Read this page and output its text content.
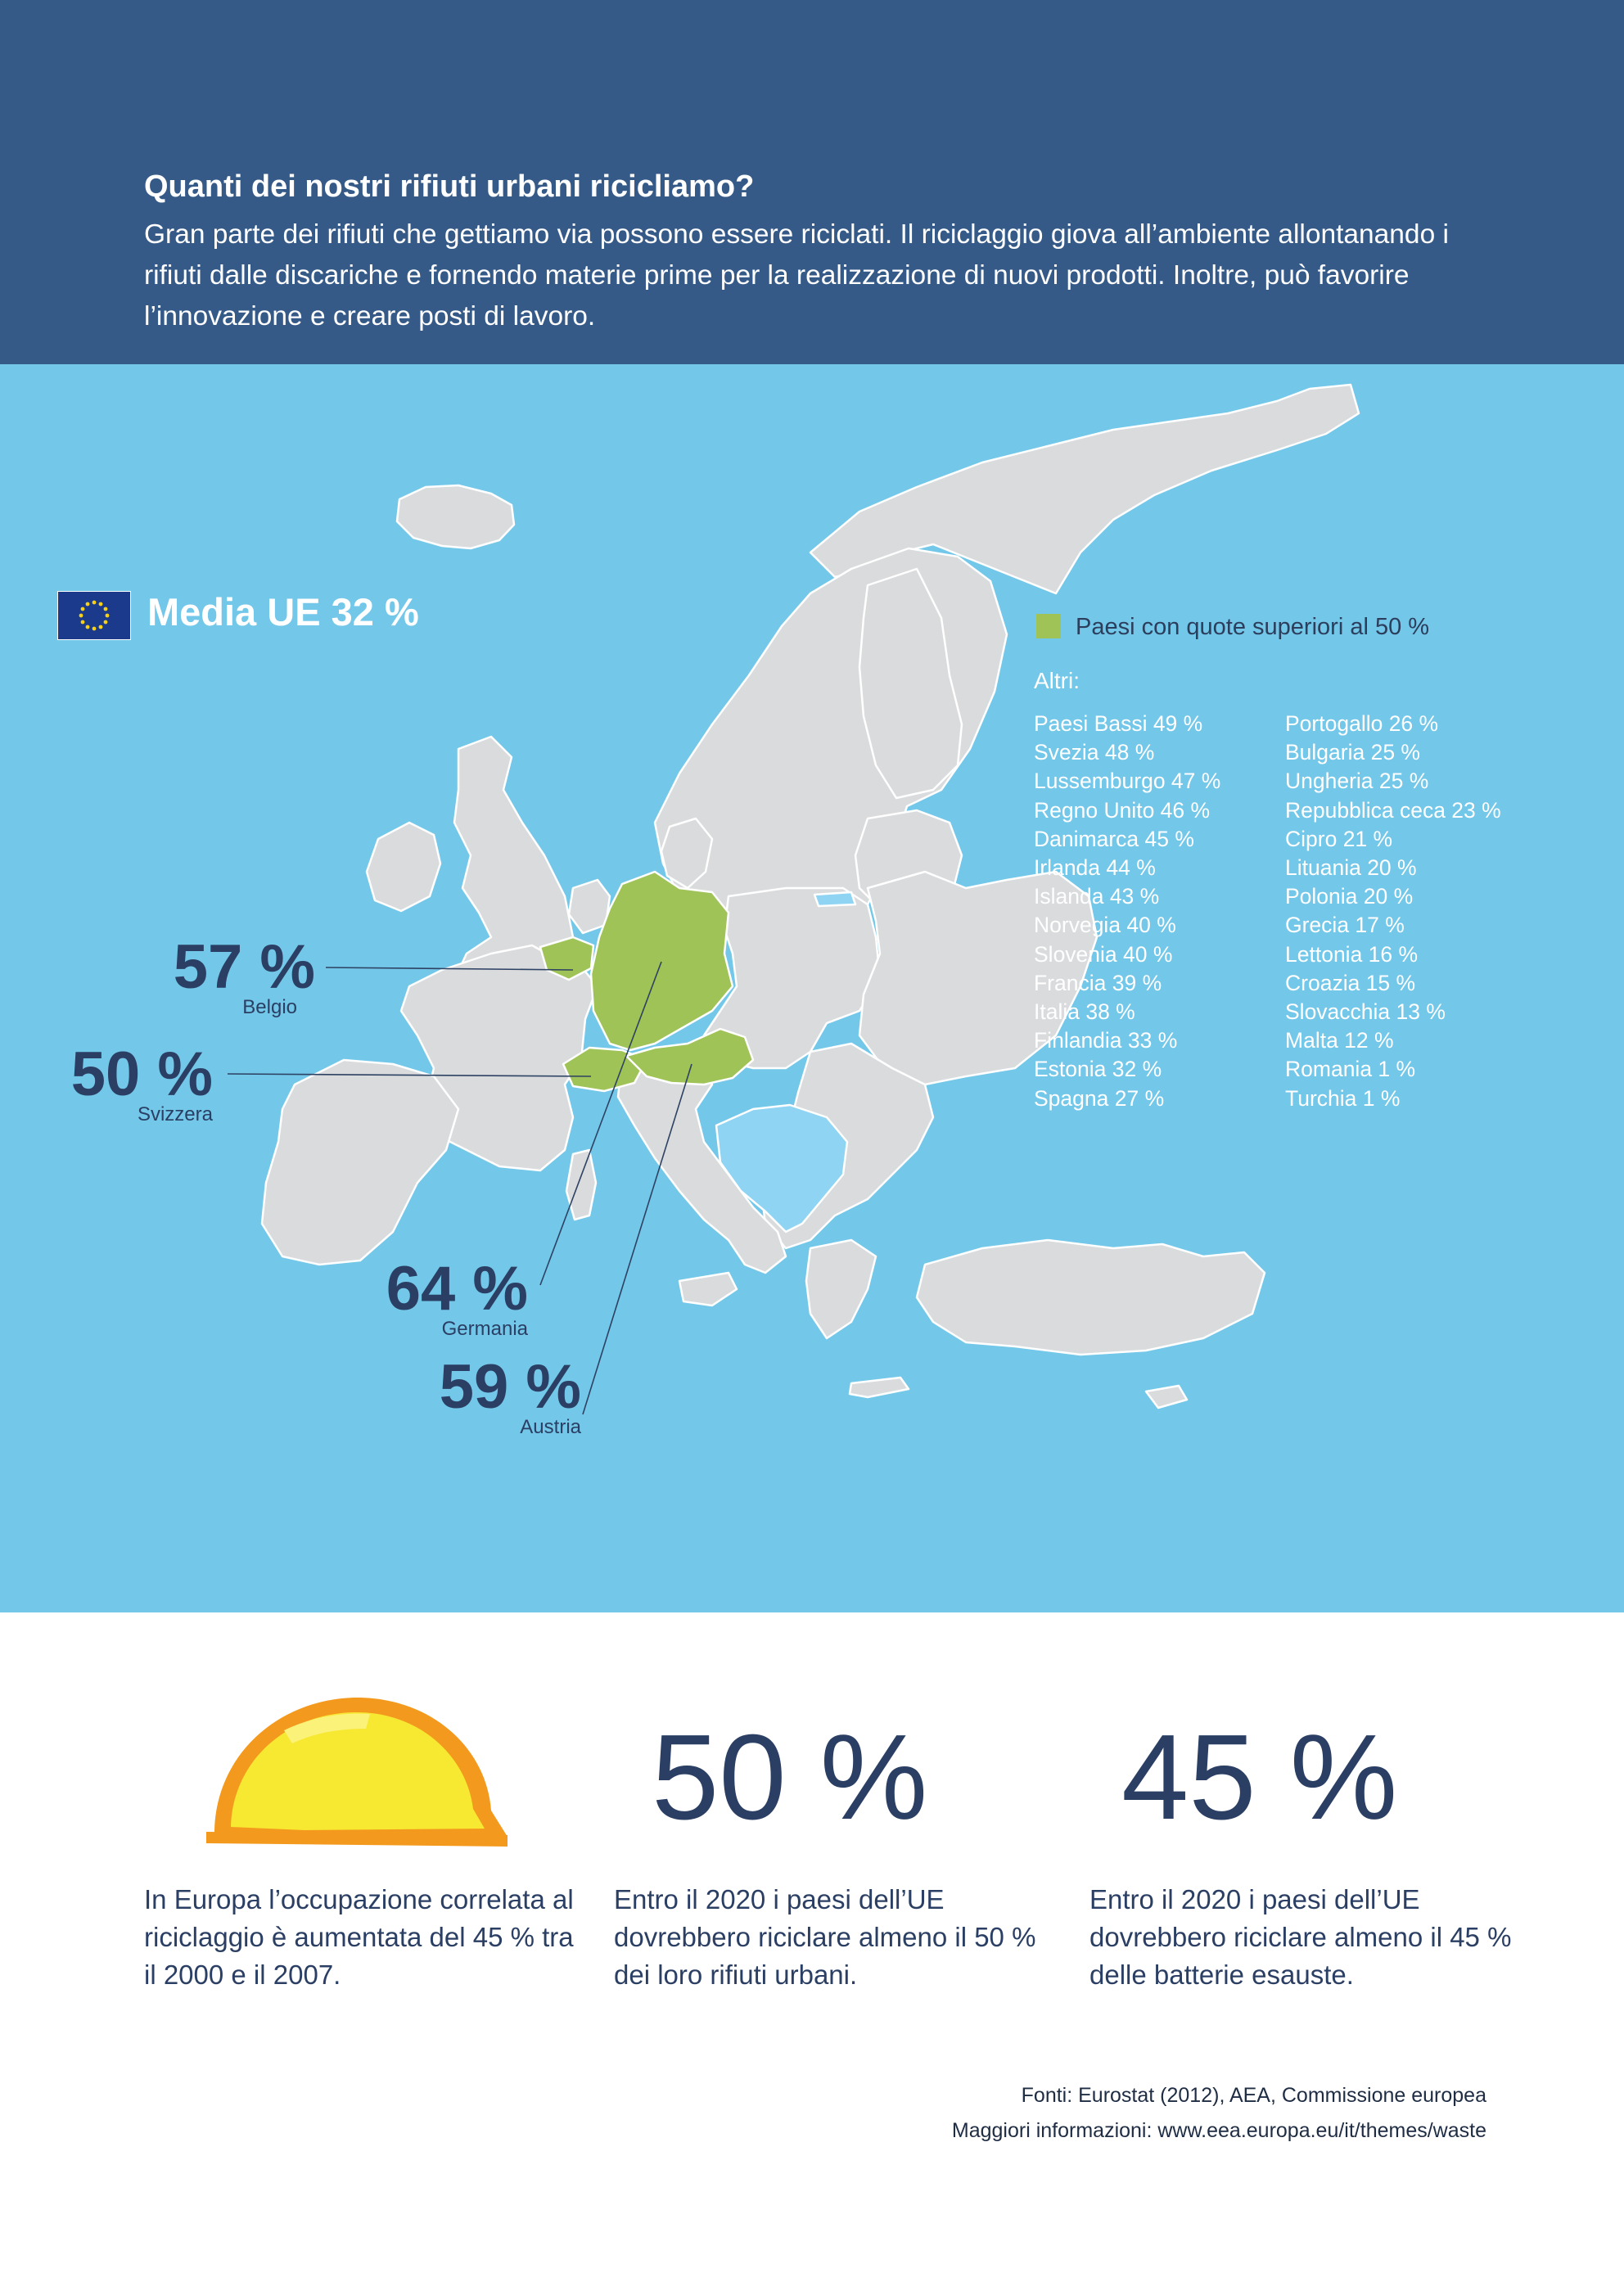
Quanti dei nostri rifiuti urbani ricicliamo?

Gran parte dei rifiuti che gettiamo via possono essere riciclati. Il riciclaggio giova all’ambiente allontanando i rifiuti dalle discariche e fornendo materie prime per la realizzazione di nuovi prodotti. Inoltre, può favorire l’innovazione e creare posti di lavoro.

Media UE 32 %	Paesi con quote superiori al 50 %
Altri:
Paesi Bassi 49 %
Svezia 48 %
Lussemburgo 47 %
Regno Unito 46 %
Danimarca 45 %
Irlanda 44 %
Islanda 43 %
Norvegia 40 %
Slovenia 40 %
Francia 39 %
Italia 38 %
Finlandia 33 %
Estonia 32 %
Spagna 27 %
Portogallo 26 %
Bulgaria 25 %
Ungheria 25 %
Repubblica ceca 23 %
Cipro 21 %
Lituania 20 %
Polonia 20 %
Grecia 17 %
Lettonia 16 %
Croazia 15 %
Slovacchia 13 %
Malta 12 %
Romania 1 %
Turchia 1 %
57 %
Belgio
50 %
Svizzera
64 %
Germania
59 %
Austria

In Europa l’occupazione correlata al riciclaggio è aumentata del 45 % tra il 2000 e il 2007.

50 %

Entro il 2020 i paesi dell’UE dovrebbero riciclare almeno il 50 % dei loro rifiuti urbani.

45 %

Entro il 2020 i paesi dell’UE dovrebbero riciclare almeno il 45 % delle batterie esauste.

Fonti: Eurostat (2012), AEA, Commissione europea
Maggiori informazioni: www.eea.europa.eu/it/themes/waste
